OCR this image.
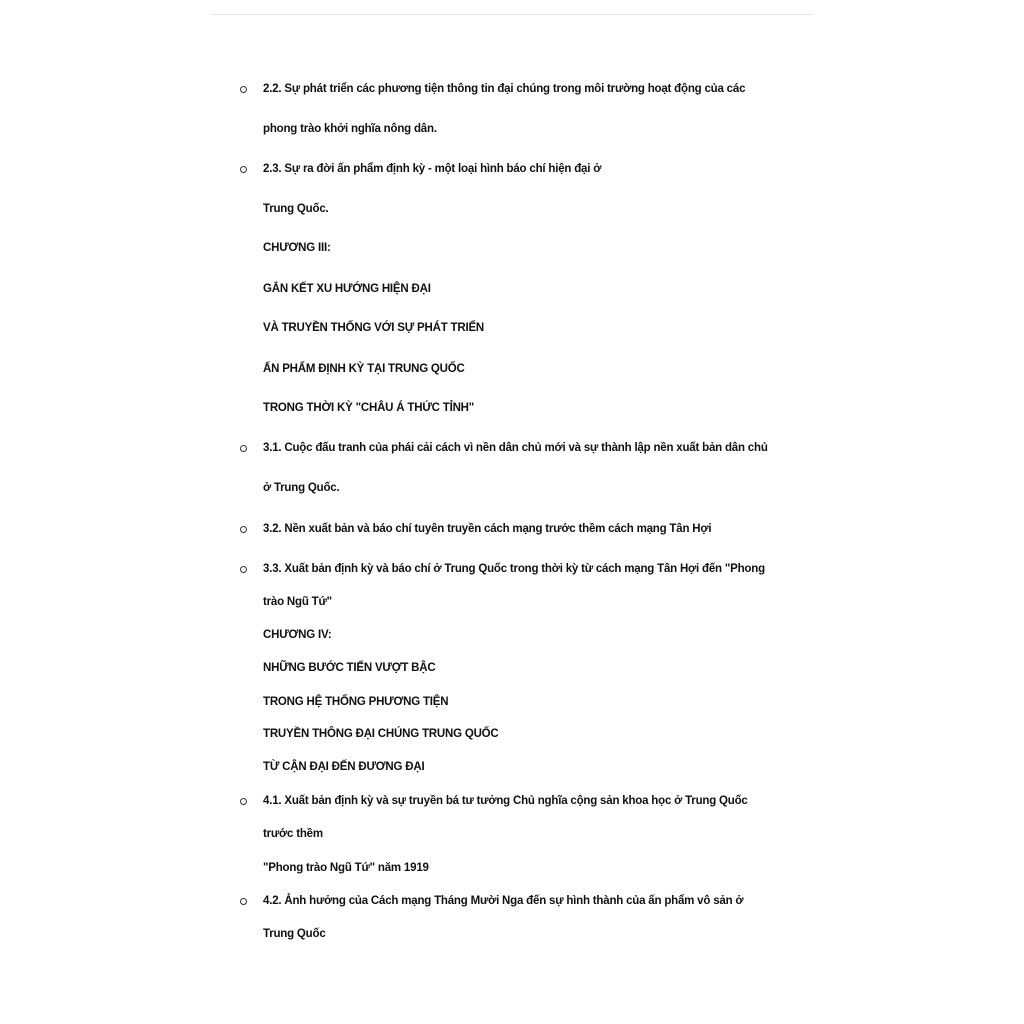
2.2. Sự phát triển các phương tiện thông tin đại chúng trong môi trường hoạt động của các
phong trào khởi nghĩa nông dân.
2.3. Sự ra đời ấn phẩm định kỳ - một loại hình báo chí hiện đại ở
Trung Quốc.
CHƯƠNG III:
GẮN KẾT XU HƯỚNG HIỆN ĐẠI
VÀ TRUYỀN THỐNG VỚI SỰ PHÁT TRIỂN
ẤN PHẨM ĐỊNH KỲ TẠI TRUNG QUỐC
TRONG THỜI KỲ "CHÂU Á THỨC TỈNH"
3.1. Cuộc đấu tranh của phái cải cách vì nền dân chủ mới và sự thành lập nền xuất bản dân chủ
ở Trung Quốc.
3.2. Nền xuất bản và báo chí tuyên truyền cách mạng trước thềm cách mạng Tân Hợi
3.3. Xuất bản định kỳ và báo chí ở Trung Quốc trong thời kỳ từ cách mạng Tân Hợi đến "Phong
trào Ngũ Tứ"
CHƯƠNG IV:
NHỮNG BƯỚC TIẾN VƯỢT BẬC
TRONG HỆ THỐNG PHƯƠNG TIỆN
TRUYỀN THÔNG ĐẠI CHÚNG TRUNG QUỐC
TỪ CẬN ĐẠI ĐẾN ĐƯƠNG ĐẠI
4.1. Xuất bản định kỳ và sự truyền bá tư tưởng Chủ nghĩa cộng sản khoa học ở Trung Quốc
trước thềm
"Phong trào Ngũ Tứ" năm 1919
4.2. Ảnh hưởng của Cách mạng Tháng Mười Nga đến sự hình thành của ấn phẩm vô sản ở
Trung Quốc
